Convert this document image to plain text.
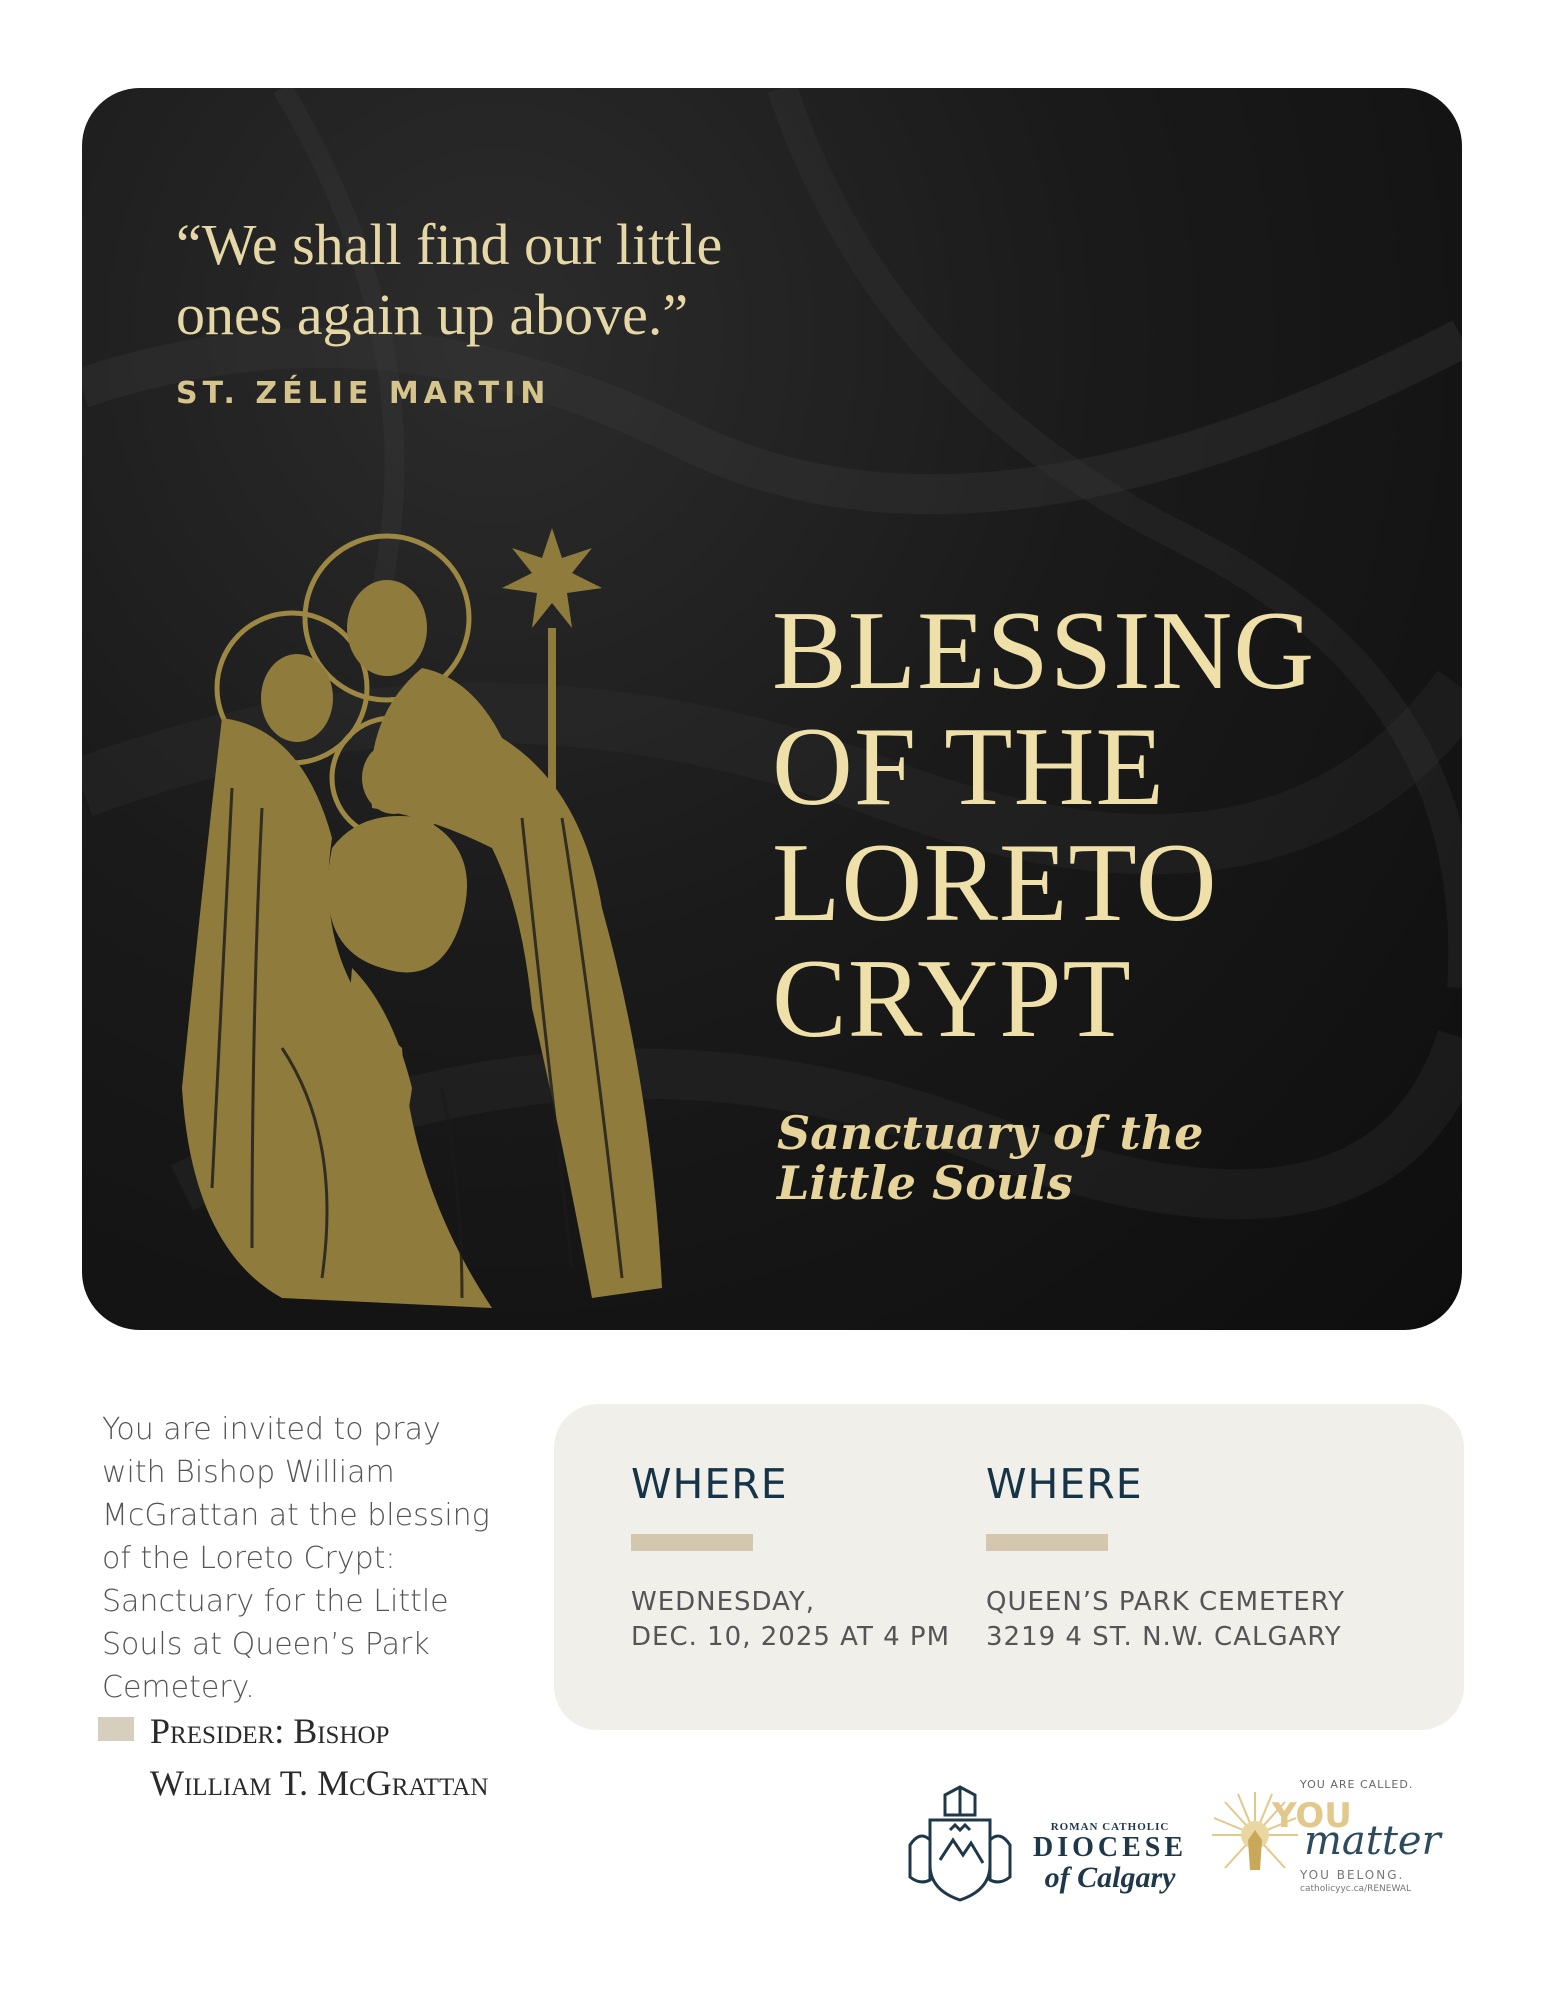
“We shall find our little ones again up above.”
ST. ZÉLIE MARTIN
BLESSING
OF THE
LORETO
CRYPT
Sanctuary of the
Little Souls
You are invited to pray with Bishop William McGrattan at the blessing of the Loreto Crypt: Sanctuary for the Little Souls at Queen’s Park Cemetery.
Presider: Bishop William T. McGrattan
WHERE
WEDNESDAY,
DEC. 10, 2025 AT 4 PM
WHERE
QUEEN’S PARK CEMETERY
3219 4 ST. N.W. CALGARY
ROMAN CATHOLIC
DIOCESE
of Calgary
YOU ARE CALLED.
YOU
matter
YOU BELONG.
catholicyyc.ca/RENEWAL
